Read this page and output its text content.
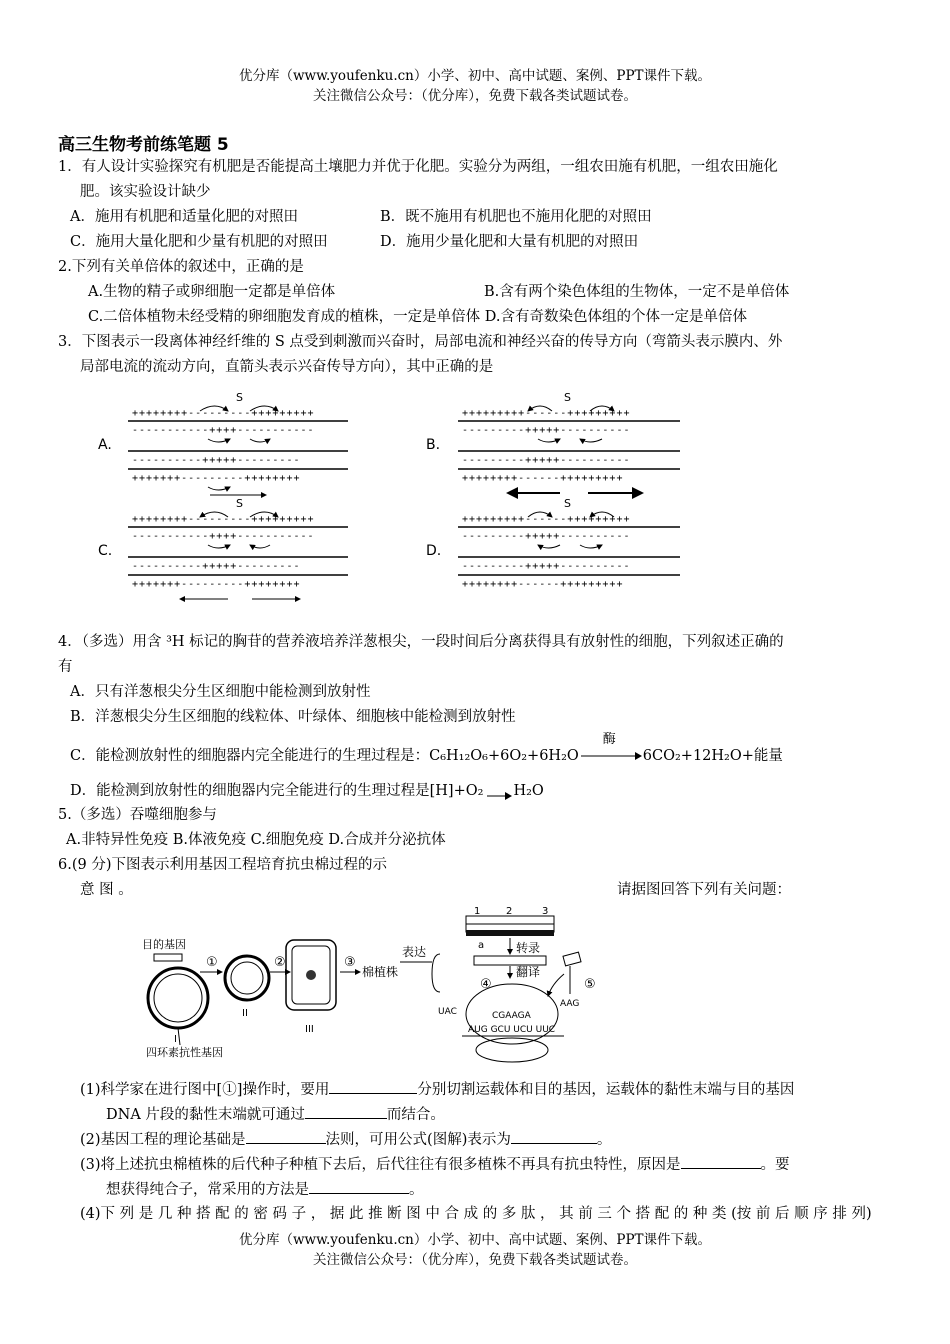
优分库（www.youfenku.cn）小学、初中、高中试题、案例、PPT课件下载。
关注微信公众号：（优分库），免费下载各类试题试卷。
高三生物考前练笔题 5
1．有人设计实验探究有机肥是否能提高土壤肥力并优于化肥。实验分为两组，一组农田施有机肥，一组农田施化
肥。该实验设计缺少
A．施用有机肥和适量化肥的对照田	B．既不施用有机肥也不施用化肥的对照田
C．施用大量化肥和少量有机肥的对照田	D．施用少量化肥和大量有机肥的对照田
2.下列有关单倍体的叙述中，正确的是
A.生物的精子或卵细胞一定都是单倍体	B.含有两个染色体组的生物体，一定不是单倍体
C.二倍体植物未经受精的卵细胞发育成的植株，一定是单倍体 D.含有奇数染色体组的个体一定是单倍体
3．下图表示一段离体神经纤维的 S 点受到刺激而兴奋时，局部电流和神经兴奋的传导方向（弯箭头表示膜内、外
局部电流的流动方向，直箭头表示兴奋传导方向），其中正确的是
A.
S
++++++++---------+++++++++
-----------++++-----------
----------+++++---------
+++++++---------++++++++
B.
S
+++++++++------+++++++++
---------+++++----------
---------+++++----------
++++++++------+++++++++
C.
S
++++++++---------+++++++++
-----------++++-----------
----------+++++---------
+++++++---------++++++++
D.
S
+++++++++------+++++++++
---------+++++----------
---------+++++----------
++++++++------+++++++++
4．（多选）用含 ³H 标记的胸苷的营养液培养洋葱根尖，一段时间后分离获得具有放射性的细胞，下列叙述正确的
有
A．只有洋葱根尖分生区细胞中能检测到放射性
B．洋葱根尖分生区细胞的线粒体、叶绿体、细胞核中能检测到放射性
C．能检测放射性的细胞器内完全能进行的生理过程是：C₆H₁₂O₆+6O₂+6H₂O
酶
6CO₂+12H₂O+能量
D．能检测到放射性的细胞器内完全能进行的生理过程是[H]+O₂→H₂O
5.（多选）吞噬细胞参与
A.非特异性免疫 B.体液免疫 C.细胞免疫 D.合成并分泌抗体
6.(9 分)下图表示利用基因工程培育抗虫棉过程的示
意 图 。	请据图回答下列有关问题：
目的基因
I
四环素抗性基因
①
II
②
III
③
棉植株
表达
1	2	3
a	转录
翻译
④
UAC	CGAAGA
AUG GCU UCU UUC
AAG
⑤
(1)科学家在进行图中[①]操作时，要用	分别切割运载体和目的基因，运载体的黏性末端与目的基因
DNA 片段的黏性末端就可通过	而结合。
(2)基因工程的理论基础是	法则，可用公式(图解)表示为	。
(3)将上述抗虫棉植株的后代种子种植下去后，后代往往有很多植株不再具有抗虫特性，原因是	。要
想获得纯合子，常采用的方法是	。
(4)下 列 是 几 种 搭 配 的 密 码 子 ， 据 此 推 断 图 中 合 成 的 多 肽 ， 其 前 三 个 搭 配 的 种 类 (按 前 后 顺 序 排 列)
优分库（www.youfenku.cn）小学、初中、高中试题、案例、PPT课件下载。
关注微信公众号：（优分库），免费下载各类试题试卷。
